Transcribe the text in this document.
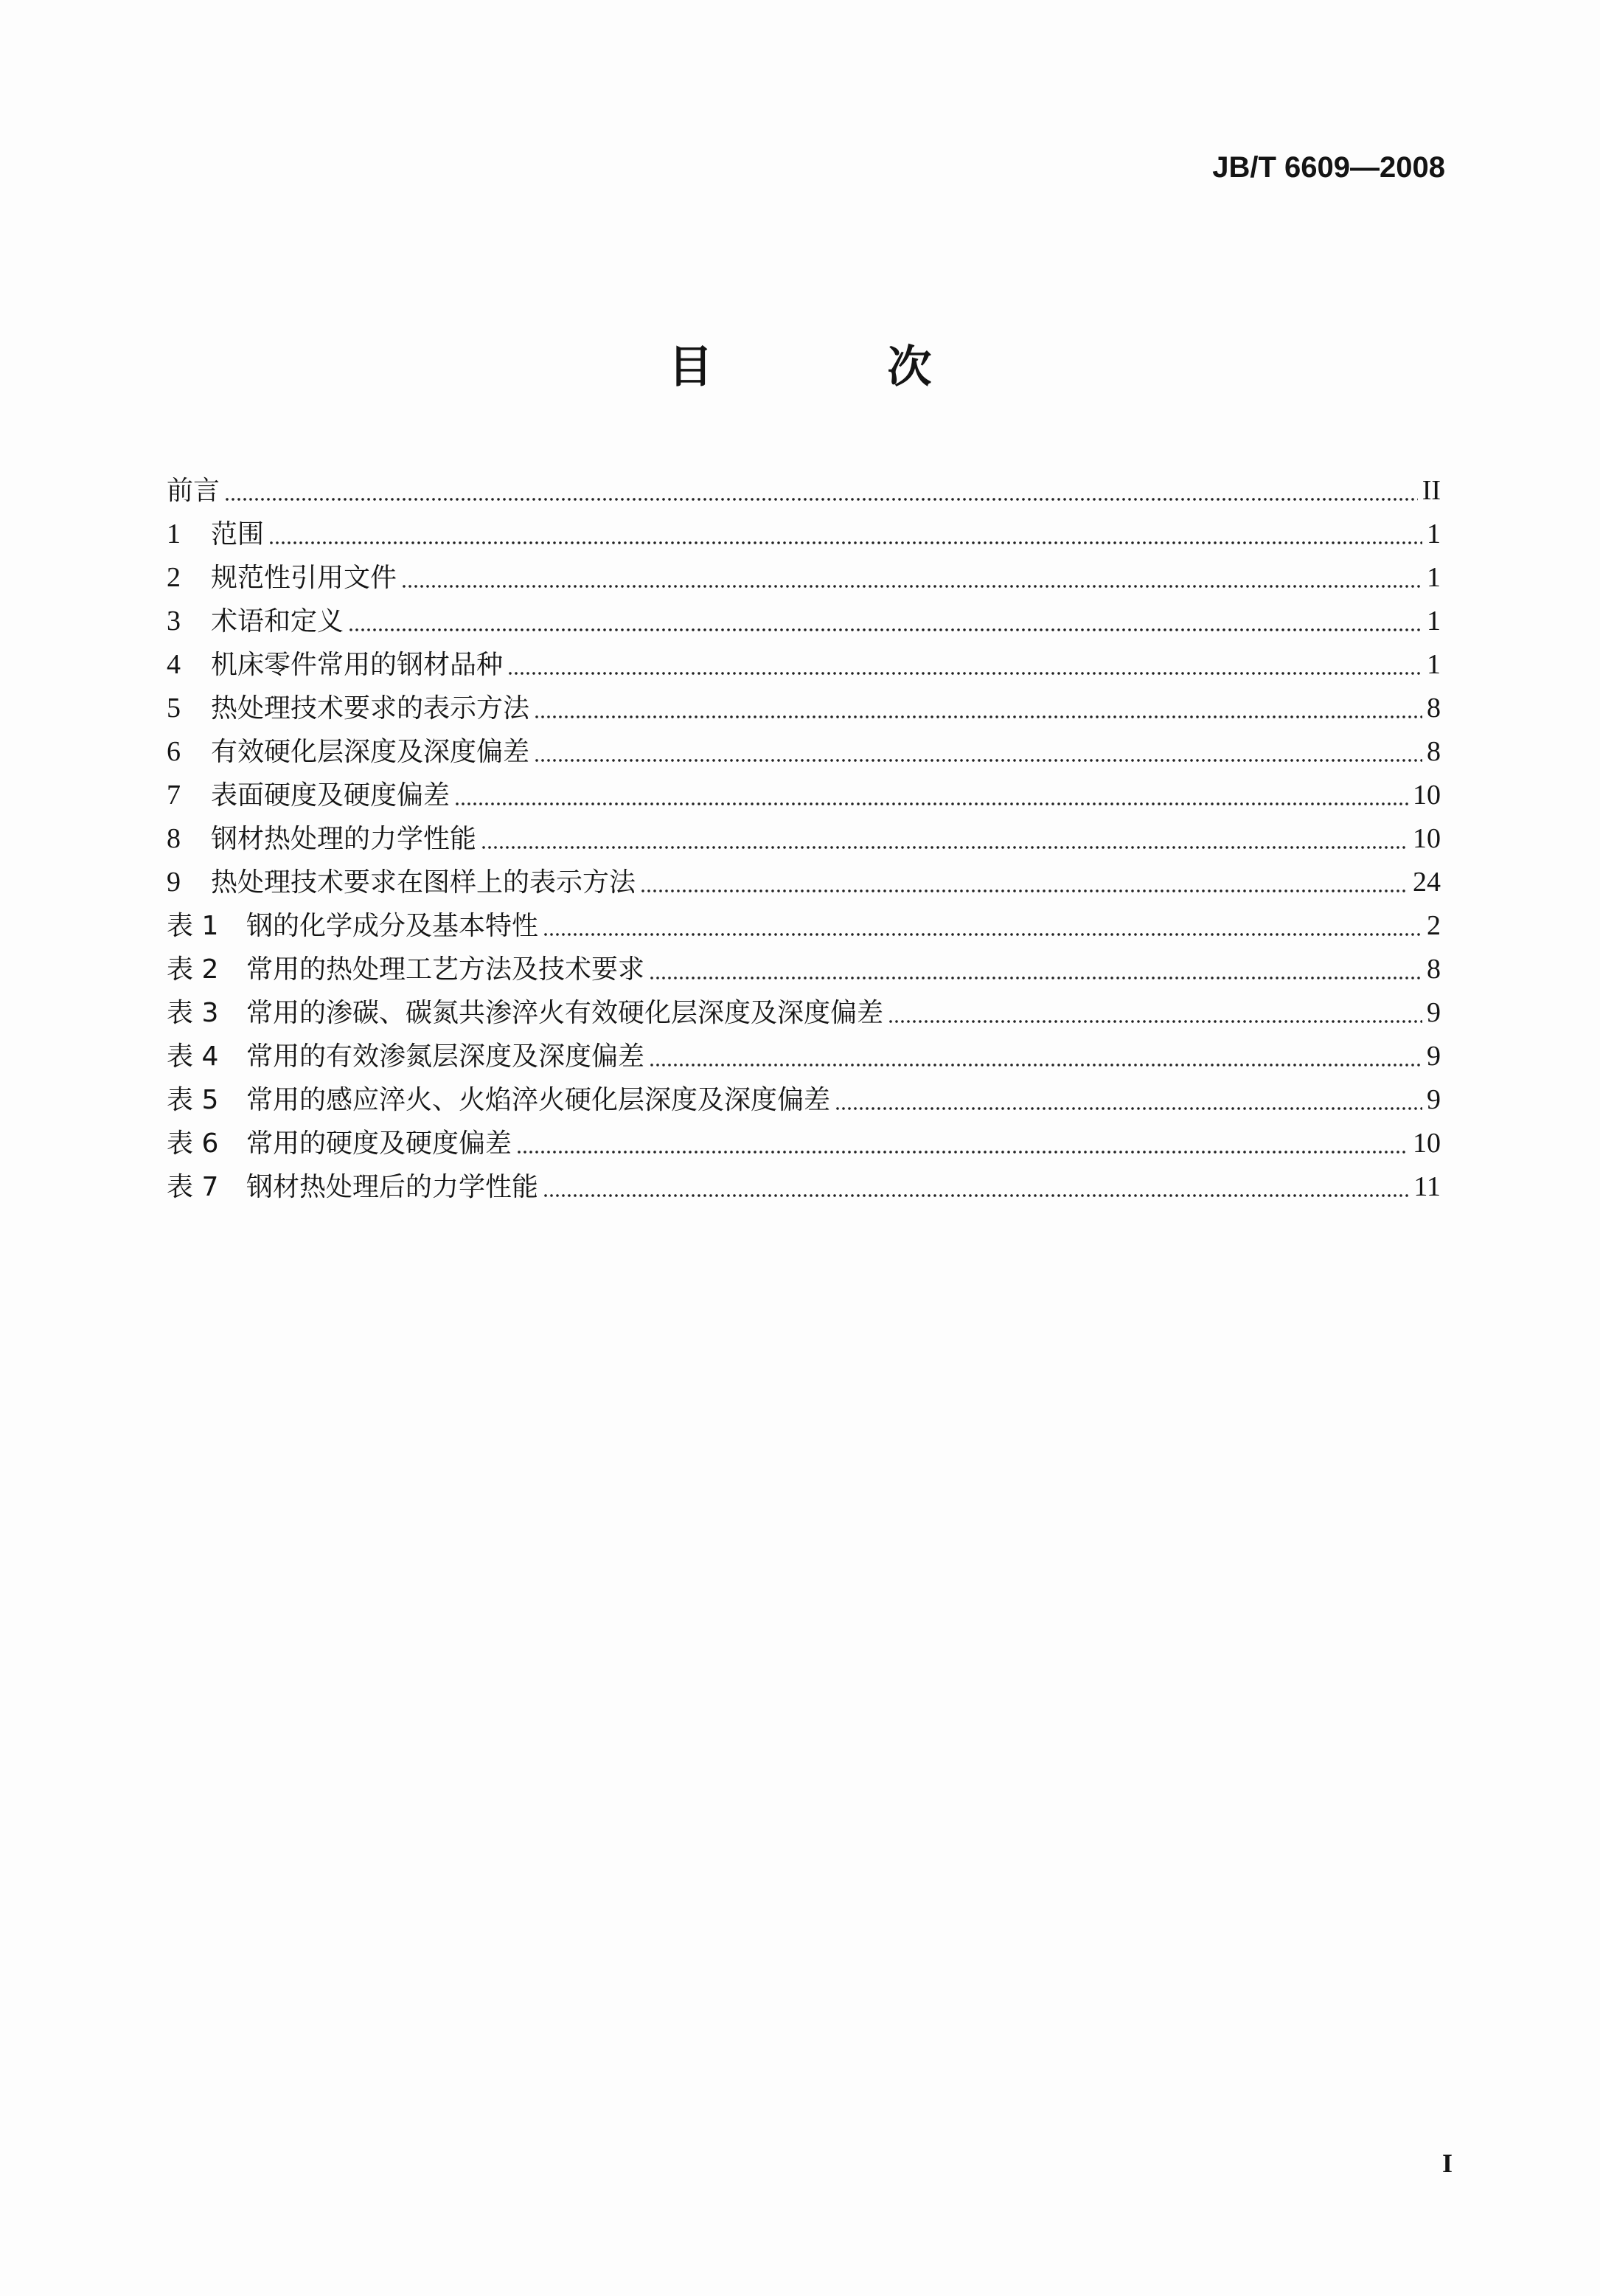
JB/T 6609—2008
目 次
前言	II
1	范围	1
2	规范性引用文件	1
3	术语和定义	1
4	机床零件常用的钢材品种	1
5	热处理技术要求的表示方法	8
6	有效硬化层深度及深度偏差	8
7	表面硬度及硬度偏差	10
8	钢材热处理的力学性能	10
9	热处理技术要求在图样上的表示方法	24
表 1	钢的化学成分及基本特性	2
表 2	常用的热处理工艺方法及技术要求	8
表 3	常用的渗碳、碳氮共渗淬火有效硬化层深度及深度偏差	9
表 4	常用的有效渗氮层深度及深度偏差	9
表 5	常用的感应淬火、火焰淬火硬化层深度及深度偏差	9
表 6	常用的硬度及硬度偏差	10
表 7	钢材热处理后的力学性能	11
I
